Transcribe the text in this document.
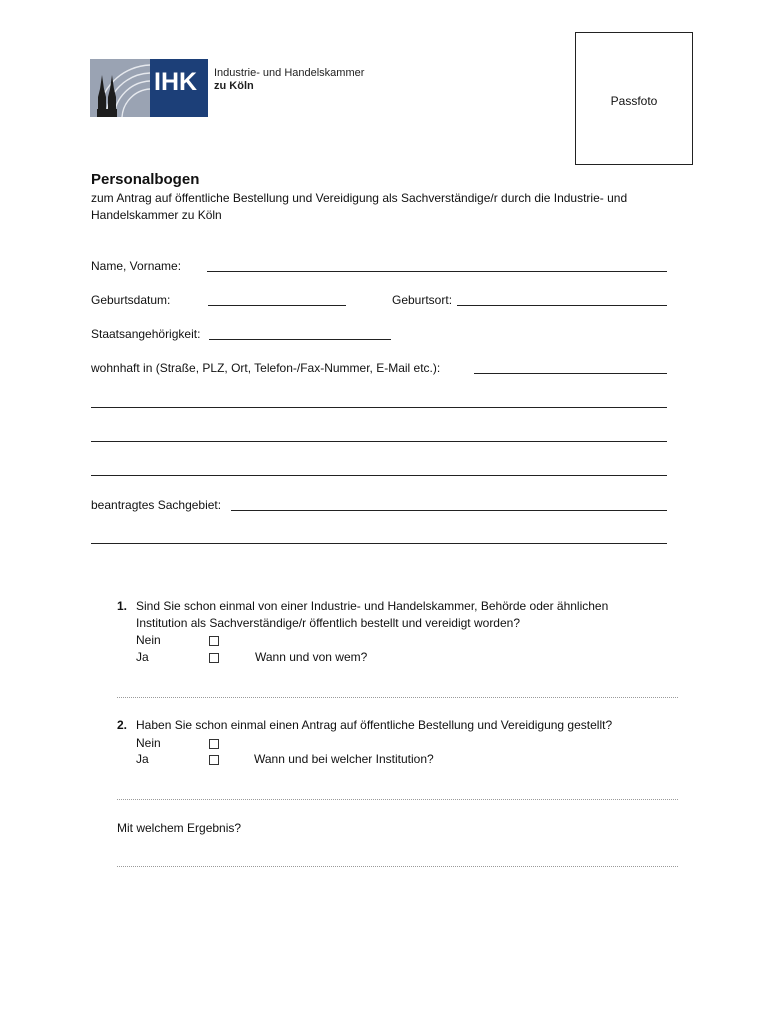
IHK Industrie- und Handelskammer
zu Köln
Passfoto
Personalbogen
zum Antrag auf öffentliche Bestellung und Vereidigung als Sachverständige/r durch die Industrie- und
Handelskammer zu Köln
Name, Vorname:
Geburtsdatum:	Geburtsort:
Staatsangehörigkeit:
wohnhaft in (Straße, PLZ, Ort, Telefon-/Fax-Nummer, E-Mail etc.):
beantragtes Sachgebiet:
1. Sind Sie schon einmal von einer Industrie- und Handelskammer, Behörde oder ähnlichen
Institution als Sachverständige/r öffentlich bestellt und vereidigt worden?
Nein
Ja	Wann und von wem?
2. Haben Sie schon einmal einen Antrag auf öffentliche Bestellung und Vereidigung gestellt?
Nein
Ja	Wann und bei welcher Institution?
Mit welchem Ergebnis?
